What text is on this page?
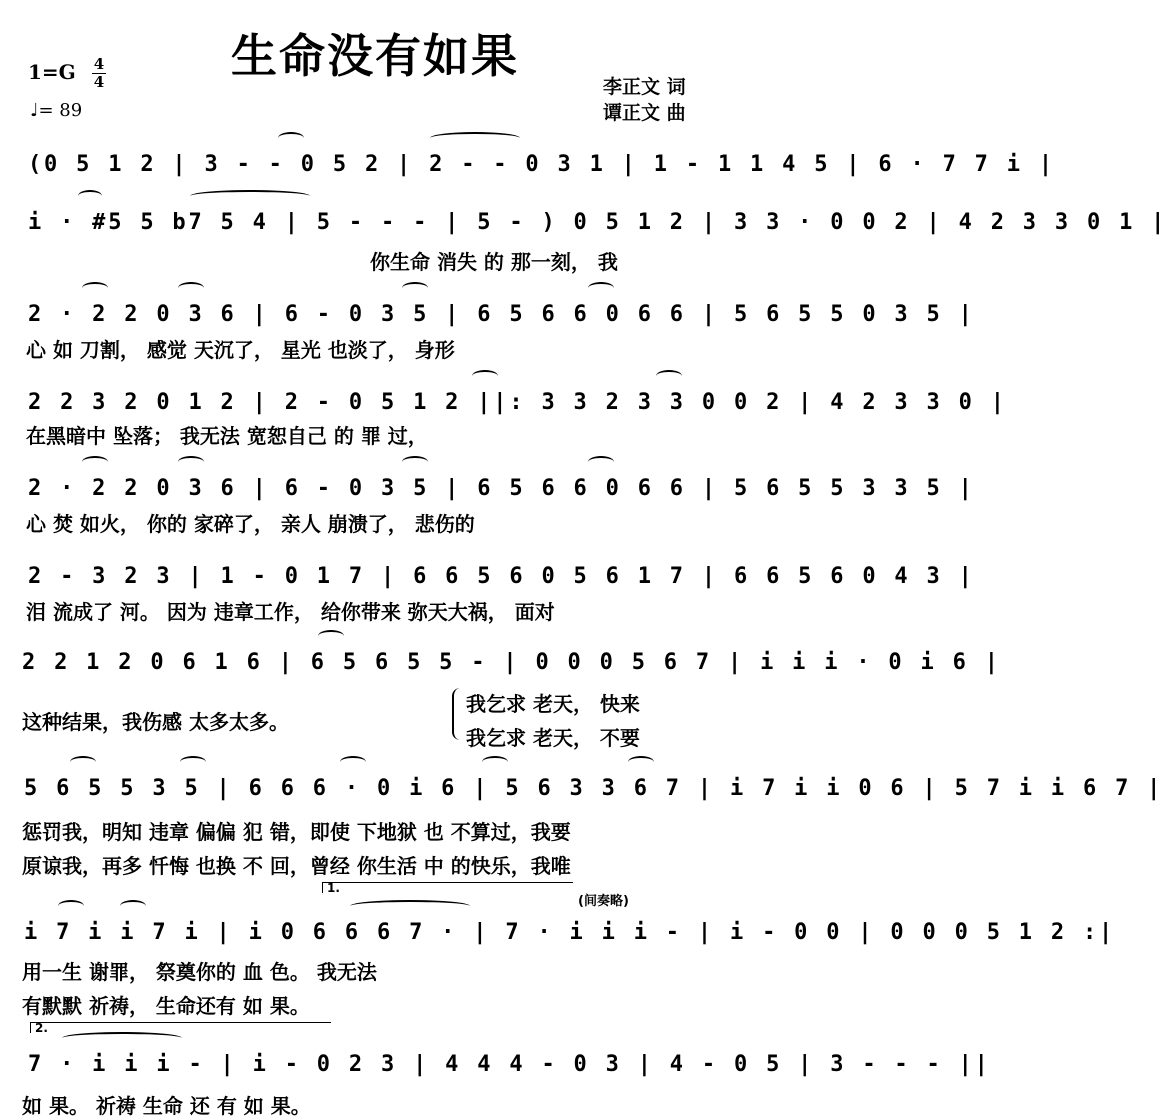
生命没有如果
1=G 4
4
♩= 89
李正文 词
谭正文 曲
(0 5 1 2 | 3 - - 0 5 2 | 2 - - 0 3 1 | 1 - 1 1 4 5 | 6 · 7 7 i |
i · #5 5 b7 5 4 | 5 - - - | 5 - ) 0 5 1 2 | 3 3 · 0 0 2 | 4 2 3 3 0 1 |
2 · 2 2 0 3 6 | 6 - 0 3 5 | 6 5 6 6 0 6 6 | 5 6 5 5 0 3 5 |
2 2 3 2 0 1 2 | 2 - 0 5 1 2 ||: 3 3 2 3 3 0 0 2 | 4 2 3 3 0 |
2 · 2 2 0 3 6 | 6 - 0 3 5 | 6 5 6 6 0 6 6 | 5 6 5 5 3 3 5 |
2 - 3 2 3 | 1 - 0 1 7 | 6 6 5 6 0 5 6 1 7 | 6 6 5 6 0 4 3 |
2 2 1 2 0 6 1 6 | 6 5 6 5 5 - | 0 0 0 5 6 7 | i i i · 0 i 6 |
5 6 5 5 3 5 | 6 6 6 · 0 i 6 | 5 6 3 3 6 7 | i 7 i i 0 6 | 5 7 i i 6 7 |
i 7 i i 7 i | i 0 6 6 6 7 · | 7 · i i i - | i - 0 0 | 0 0 0 5 1 2 :|
7 · i i i - | i - 0 2 3 | 4 4 4 - 0 3 | 4 - 0 5 | 3 - - - ||
1.
2.
(间奏略)
你生命 消失 的 那一刻， 我
心 如 刀割， 感觉 天沉了， 星光 也淡了， 身形
在黑暗中 坠落； 我无法 宽恕自己 的 罪 过，
心 焚 如火， 你的 家碎了， 亲人 崩溃了， 悲伤的
泪 流成了 河。 因为 违章工作， 给你带来 弥天大祸， 面对
这种结果，我伤感 太多太多。
我乞求 老天， 快来
我乞求 老天， 不要
惩罚我，明知 违章 偏偏 犯 错，即使 下地狱 也 不算过，我要
原谅我，再多 忏悔 也换 不 回，曾经 你生活 中 的快乐，我唯
用一生 谢罪， 祭奠你的 血 色。 我无法
有默默 祈祷， 生命还有 如 果。
如 果。 祈祷 生命 还 有 如 果。
